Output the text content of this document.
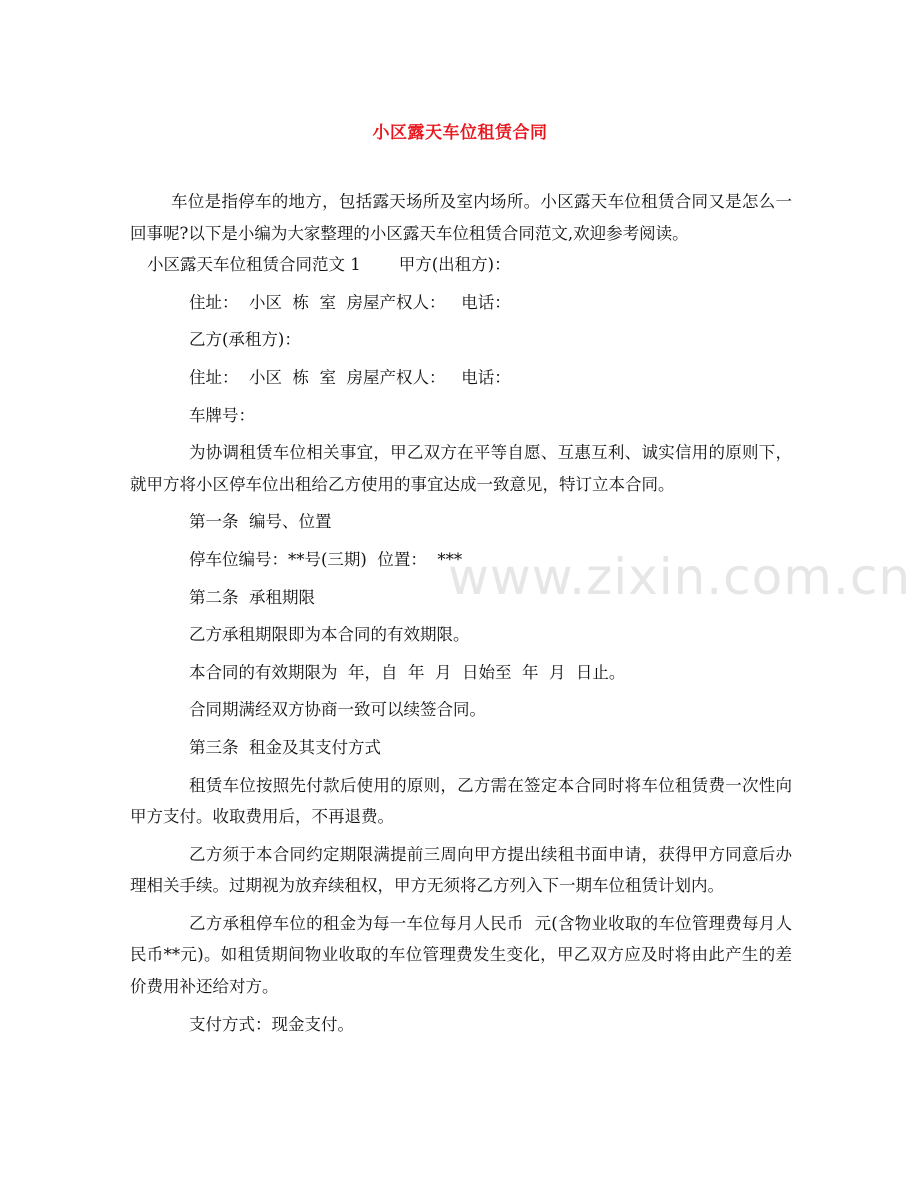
小区露天车位租赁合同

车位是指停车的地方，包括露天场所及室内场所。小区露天车位租赁合同又是怎么一回事呢?以下是小编为大家整理的小区露天车位租赁合同范文,欢迎参考阅读。

小区露天车位租赁合同范文 1 甲方(出租方)：

住址：  小区  栋  室  房屋产权人：   电话：

乙方(承租方)：

住址：  小区  栋  室  房屋产权人：   电话：

车牌号：

为协调租赁车位相关事宜，甲乙双方在平等自愿、互惠互利、诚实信用的原则下，就甲方将小区停车位出租给乙方使用的事宜达成一致意见，特订立本合同。

第一条  编号、位置

停车位编号：**号(三期)  位置：  ***

第二条  承租期限

乙方承租期限即为本合同的有效期限。

本合同的有效期限为  年，自  年  月  日始至  年  月  日止。

合同期满经双方协商一致可以续签合同。

第三条  租金及其支付方式

租赁车位按照先付款后使用的原则，乙方需在签定本合同时将车位租赁费一次性向甲方支付。收取费用后，不再退费。

乙方须于本合同约定期限满提前三周向甲方提出续租书面申请，获得甲方同意后办理相关手续。过期视为放弃续租权，甲方无须将乙方列入下一期车位租赁计划内。

乙方承租停车位的租金为每一车位每月人民币  元(含物业收取的车位管理费每月人民币**元)。如租赁期间物业收取的车位管理费发生变化，甲乙双方应及时将由此产生的差价费用补还给对方。

支付方式：现金支付。

www.zixin.com.cn
